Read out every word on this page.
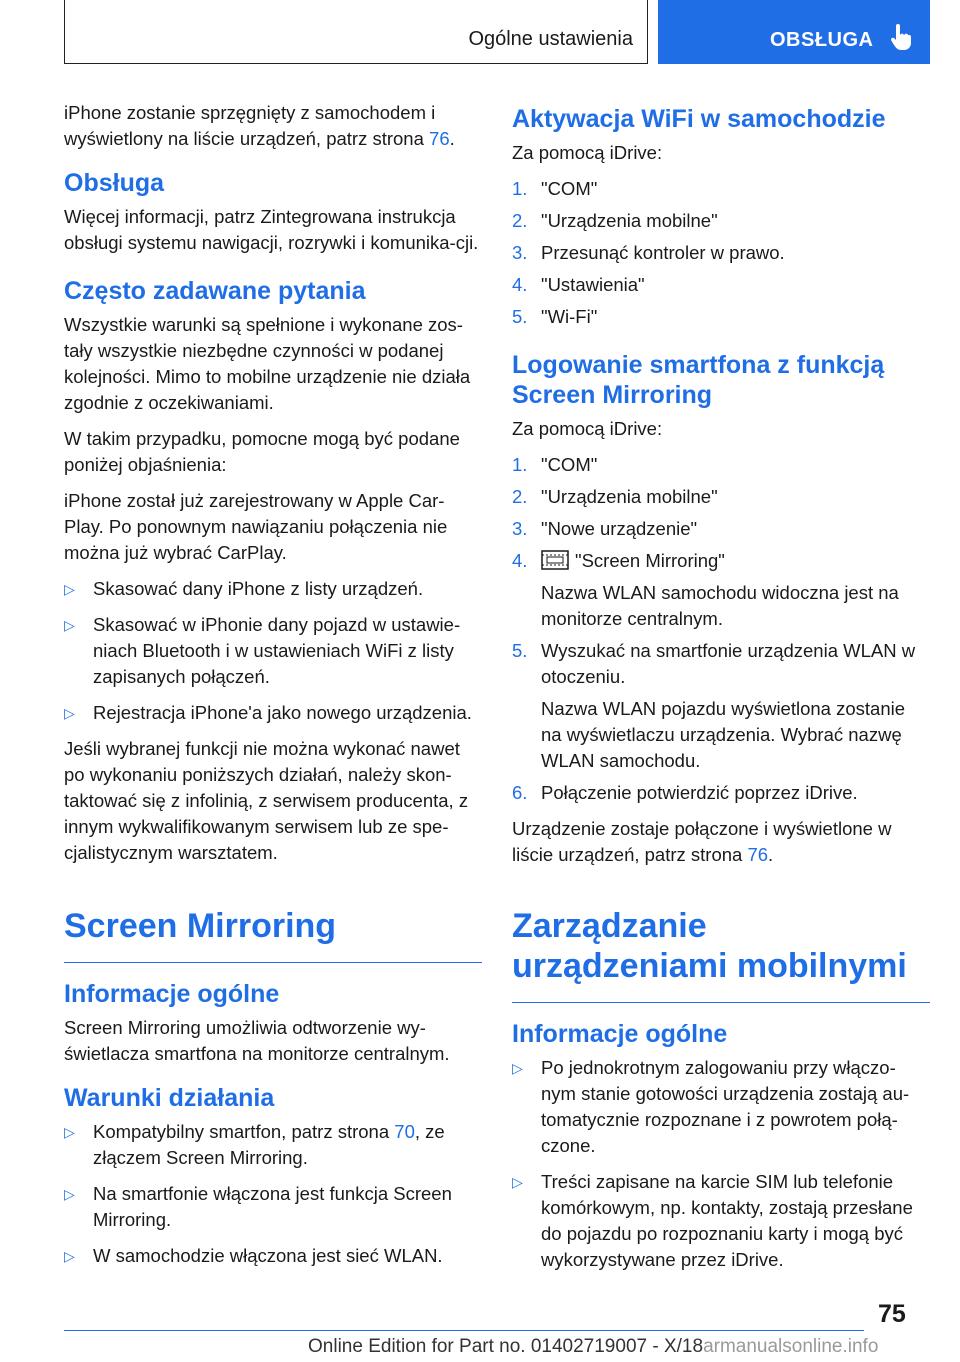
Ogólne ustawienia	OBSŁUGA

iPhone zostanie sprzęgnięty z samochodem i wyświetlony na liście urządzeń, patrz strona 76.

Obsługa

Więcej informacji, patrz Zintegrowana instrukcja obsługi systemu nawigacji, rozrywki i komunika-cji.

Często zadawane pytania

Wszystkie warunki są spełnione i wykonane zos-tały wszystkie niezbędne czynności w podanej kolejności. Mimo to mobilne urządzenie nie działa zgodnie z oczekiwaniami.

W takim przypadku, pomocne mogą być podane poniżej objaśnienia:

iPhone został już zarejestrowany w Apple Car-Play. Po ponownym nawiązaniu połączenia nie można już wybrać CarPlay.

▷ Skasować dany iPhone z listy urządzeń.
▷ Skasować w iPhonie dany pojazd w ustawie-niach Bluetooth i w ustawieniach WiFi z listy zapisanych połączeń.
▷ Rejestracja iPhone'a jako nowego urządzenia.

Jeśli wybranej funkcji nie można wykonać nawet po wykonaniu poniższych działań, należy skon-taktować się z infolinią, z serwisem producenta, z innym wykwalifikowanym serwisem lub ze spe-cjalistycznym warsztatem.

Screen Mirroring
Informacje ogólne

Screen Mirroring umożliwia odtworzenie wy-świetlacza smartfona na monitorze centralnym.

Warunki działania
▷ Kompatybilny smartfon, patrz strona 70, ze złączem Screen Mirroring.
▷ Na smartfonie włączona jest funkcja Screen Mirroring.
▷ W samochodzie włączona jest sieć WLAN.
Aktywacja WiFi w samochodzie

Za pomocą iDrive:

1. "COM"
2. "Urządzenia mobilne"
3. Przesunąć kontroler w prawo.
4. "Ustawienia"
5. "Wi-Fi"
Logowanie smartfona z funkcją Screen Mirroring

Za pomocą iDrive:

1. "COM"
2. "Urządzenia mobilne"
3. "Nowe urządzenie"
4.	"Screen Mirroring"
Nazwa WLAN samochodu widoczna jest na monitorze centralnym.
5. Wyszukać na smartfonie urządzenia WLAN w otoczeniu.
Nazwa WLAN pojazdu wyświetlona zostanie na wyświetlaczu urządzenia. Wybrać nazwę WLAN samochodu.
6. Połączenie potwierdzić poprzez iDrive.

Urządzenie zostaje połączone i wyświetlone w liście urządzeń, patrz strona 76.

Zarządzanie urządzeniami mobilnymi
Informacje ogólne
▷ Po jednokrotnym zalogowaniu przy włączo-nym stanie gotowości urządzenia zostają au-tomatycznie rozpoznane i z powrotem połą-czone.
▷ Treści zapisane na karcie SIM lub telefonie komórkowym, np. kontakty, zostają przesłane do pojazdu po rozpoznaniu karty i mogą być wykorzystywane przez iDrive.
75
Online Edition for Part no. 01402719007 - X/18armanualsonline.info
